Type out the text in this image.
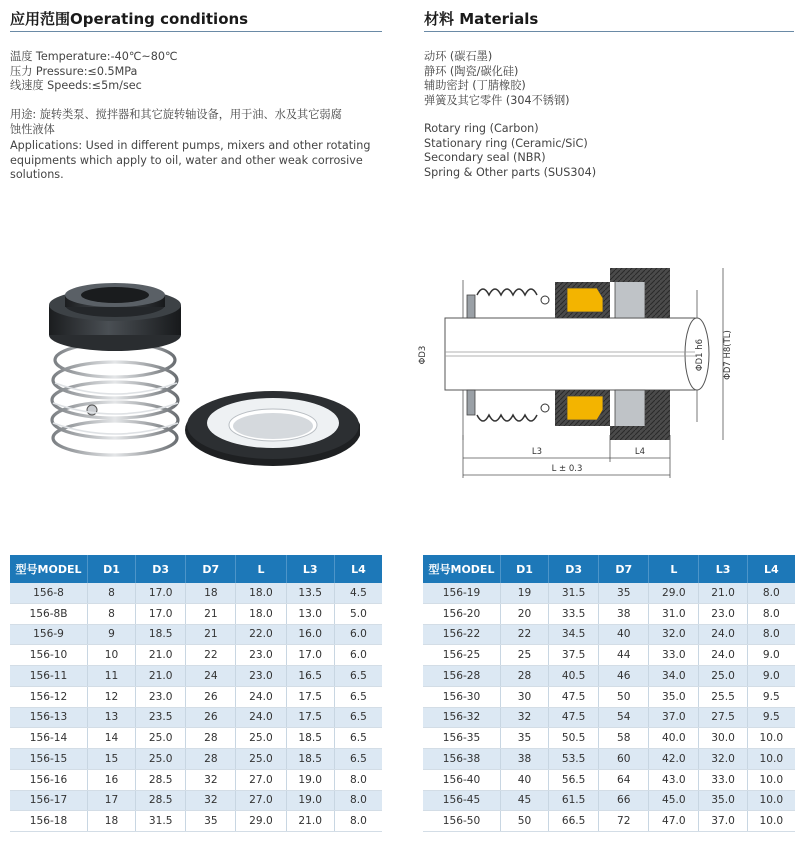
应用范围Operating conditions
温度 Temperature:-40℃~80℃
压力 Pressure:≤0.5MPa
线速度 Speeds:≤5m/sec
用途: 旋转类泵、搅拌器和其它旋转轴设备，用于油、水及其它弱腐
蚀性液体
Applications: Used in different pumps, mixers and other rotating
equipments which apply to oil, water and other weak corrosive
solutions.
材料 Materials
动环 (碳石墨)
静环 (陶瓷/碳化硅)
辅助密封 (丁腈橡胶)
弹簧及其它零件 (304不锈钢)
Rotary ring (Carbon)
Stationary ring (Ceramic/SiC)
Secondary seal (NBR)
Spring & Other parts (SUS304)
ΦD3	ΦD1 h6 ΦD7 H8(TL)
L3	L4
L ± 0.3
型号MODEL	D1	D3	D7	L	L3	L4
156-8	8	17.0	18	18.0	13.5	4.5
156-8B	8	17.0	21	18.0	13.0	5.0
156-9	9	18.5	21	22.0	16.0	6.0
156-10	10	21.0	22	23.0	17.0	6.0
156-11	11	21.0	24	23.0	16.5	6.5
156-12	12	23.0	26	24.0	17.5	6.5
156-13	13	23.5	26	24.0	17.5	6.5
156-14	14	25.0	28	25.0	18.5	6.5
156-15	15	25.0	28	25.0	18.5	6.5
156-16	16	28.5	32	27.0	19.0	8.0
156-17	17	28.5	32	27.0	19.0	8.0
156-18	18	31.5	35	29.0	21.0	8.0
型号MODEL	D1	D3	D7	L	L3	L4
156-19	19	31.5	35	29.0	21.0	8.0
156-20	20	33.5	38	31.0	23.0	8.0
156-22	22	34.5	40	32.0	24.0	8.0
156-25	25	37.5	44	33.0	24.0	9.0
156-28	28	40.5	46	34.0	25.0	9.0
156-30	30	47.5	50	35.0	25.5	9.5
156-32	32	47.5	54	37.0	27.5	9.5
156-35	35	50.5	58	40.0	30.0	10.0
156-38	38	53.5	60	42.0	32.0	10.0
156-40	40	56.5	64	43.0	33.0	10.0
156-45	45	61.5	66	45.0	35.0	10.0
156-50	50	66.5	72	47.0	37.0	10.0
